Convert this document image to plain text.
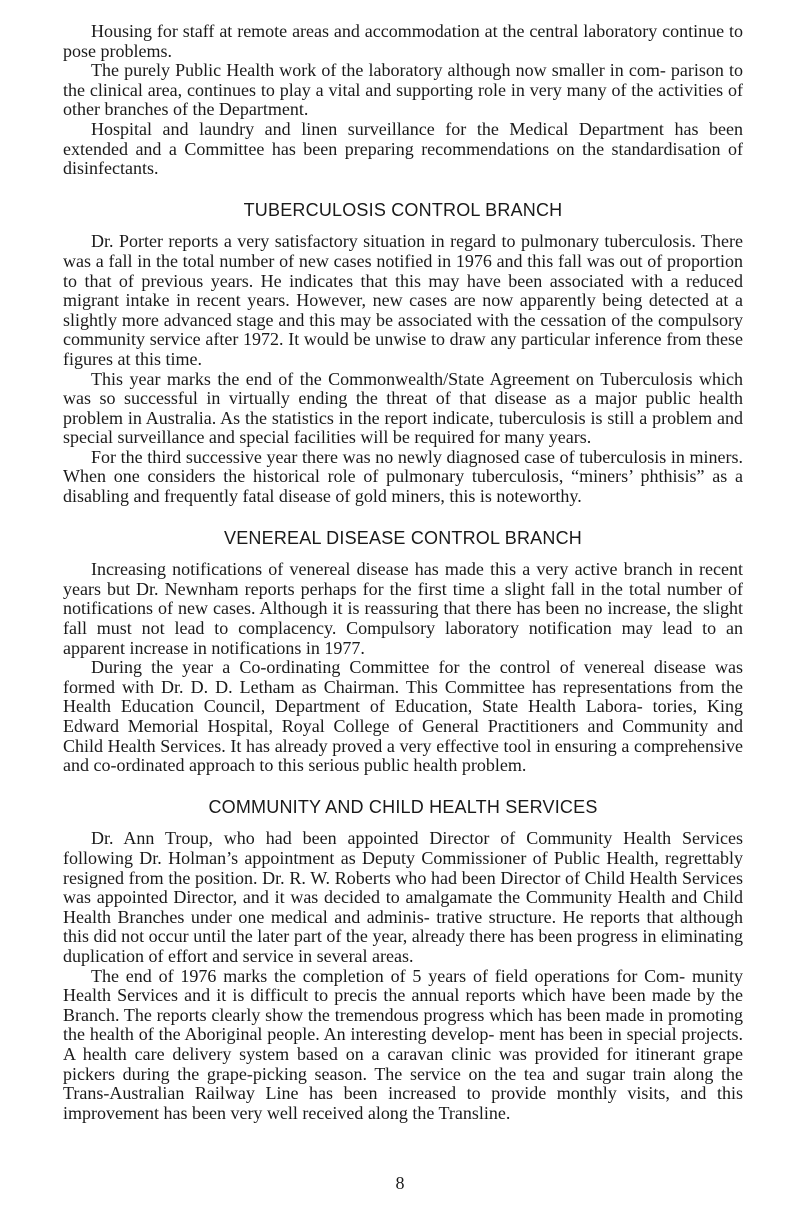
Housing for staff at remote areas and accommodation at the central laboratory continue to pose problems.

The purely Public Health work of the laboratory although now smaller in com- parison to the clinical area, continues to play a vital and supporting role in very many of the activities of other branches of the Department.

Hospital and laundry and linen surveillance for the Medical Department has been extended and a Committee has been preparing recommendations on the standardisation of disinfectants.

TUBERCULOSIS CONTROL BRANCH

Dr. Porter reports a very satisfactory situation in regard to pulmonary tuberculosis. There was a fall in the total number of new cases notified in 1976 and this fall was out of proportion to that of previous years. He indicates that this may have been associated with a reduced migrant intake in recent years. However, new cases are now apparently being detected at a slightly more advanced stage and this may be associated with the cessation of the compulsory community service after 1972. It would be unwise to draw any particular inference from these figures at this time.

This year marks the end of the Commonwealth/State Agreement on Tuberculosis which was so successful in virtually ending the threat of that disease as a major public health problem in Australia. As the statistics in the report indicate, tuberculosis is still a problem and special surveillance and special facilities will be required for many years.

For the third successive year there was no newly diagnosed case of tuberculosis in miners. When one considers the historical role of pulmonary tuberculosis, “miners’ phthisis” as a disabling and frequently fatal disease of gold miners, this is noteworthy.

VENEREAL DISEASE CONTROL BRANCH

Increasing notifications of venereal disease has made this a very active branch in recent years but Dr. Newnham reports perhaps for the first time a slight fall in the total number of notifications of new cases. Although it is reassuring that there has been no increase, the slight fall must not lead to complacency. Compulsory laboratory notification may lead to an apparent increase in notifications in 1977.

During the year a Co-ordinating Committee for the control of venereal disease was formed with Dr. D. D. Letham as Chairman. This Committee has representations from the Health Education Council, Department of Education, State Health Labora- tories, King Edward Memorial Hospital, Royal College of General Practitioners and Community and Child Health Services. It has already proved a very effective tool in ensuring a comprehensive and co-ordinated approach to this serious public health problem.

COMMUNITY AND CHILD HEALTH SERVICES

Dr. Ann Troup, who had been appointed Director of Community Health Services following Dr. Holman’s appointment as Deputy Commissioner of Public Health, regrettably resigned from the position. Dr. R. W. Roberts who had been Director of Child Health Services was appointed Director, and it was decided to amalgamate the Community Health and Child Health Branches under one medical and adminis- trative structure. He reports that although this did not occur until the later part of the year, already there has been progress in eliminating duplication of effort and service in several areas.

The end of 1976 marks the completion of 5 years of field operations for Com- munity Health Services and it is difficult to precis the annual reports which have been made by the Branch. The reports clearly show the tremendous progress which has been made in promoting the health of the Aboriginal people. An interesting develop- ment has been in special projects. A health care delivery system based on a caravan clinic was provided for itinerant grape pickers during the grape-picking season. The service on the tea and sugar train along the Trans-Australian Railway Line has been increased to provide monthly visits, and this improvement has been very well received along the Transline.

8
